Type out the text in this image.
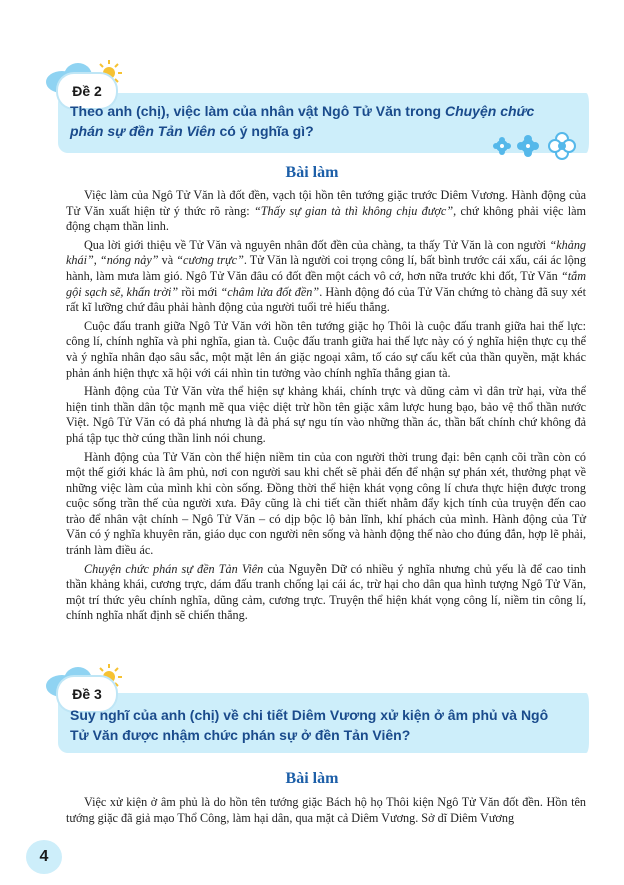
Đề 2
Theo anh (chị), việc làm của nhân vật Ngô Tử Văn trong Chuyện chức
phán sự đền Tản Viên có ý nghĩa gì?
Bài làm

Việc làm của Ngô Tử Văn là đốt đền, vạch tội hồn tên tướng giặc trước Diêm Vương. Hành động của Tử Văn xuất hiện từ ý thức rõ ràng: “Thấy sự gian tà thì không chịu được”, chứ không phải việc làm động chạm thần linh.

Qua lời giới thiệu về Tử Văn và nguyên nhân đốt đền của chàng, ta thấy Tử Văn là con người “khảng khái”, “nóng nảy” và “cương trực”. Tử Văn là người coi trọng công lí, bất bình trước cái xấu, cái ác lộng hành, làm mưa làm gió. Ngô Tử Văn đâu có đốt đền một cách vô cớ, hơn nữa trước khi đốt, Tử Văn “tắm gội sạch sẽ, khấn trời” rồi mới “châm lửa đốt đền”. Hành động đó của Tử Văn chứng tỏ chàng đã suy xét rất kĩ lưỡng chứ đâu phải hành động của người tuổi trẻ hiếu thắng.

Cuộc đấu tranh giữa Ngô Tử Văn với hồn tên tướng giặc họ Thôi là cuộc đấu tranh giữa hai thế lực: công lí, chính nghĩa và phi nghĩa, gian tà. Cuộc đấu tranh giữa hai thế lực này có ý nghĩa hiện thực cụ thể và ý nghĩa nhân đạo sâu sắc, một mặt lên án giặc ngoại xâm, tố cáo sự cấu kết của thần quyền, mặt khác phản ánh hiện thực xã hội với cái nhìn tin tưởng vào chính nghĩa thắng gian tà.

Hành động của Tử Văn vừa thể hiện sự khảng khái, chính trực và dũng cảm vì dân trừ hại, vừa thể hiện tinh thần dân tộc mạnh mẽ qua việc diệt trừ hồn tên giặc xâm lược hung bạo, bảo vệ thổ thần nước Việt. Ngô Tử Văn có đả phá nhưng là đả phá sự ngu tín vào những thần ác, thần bất chính chứ không đả phá tập tục thờ cúng thần linh nói chung.

Hành động của Tử Văn còn thể hiện niềm tin của con người thời trung đại: bên cạnh cõi trần còn có một thế giới khác là âm phủ, nơi con người sau khi chết sẽ phải đến để nhận sự phán xét, thưởng phạt về những việc làm của mình khi còn sống. Đồng thời thể hiện khát vọng công lí chưa thực hiện được trong cuộc sống trần thế của người xưa. Đây cũng là chi tiết cần thiết nhằm đẩy kịch tính của truyện đến cao trào để nhân vật chính – Ngô Tử Văn – có dịp bộc lộ bản lĩnh, khí phách của mình. Hành động của Tử Văn có ý nghĩa khuyên răn, giáo dục con người nên sống và hành động thế nào cho đúng đắn, hợp lẽ phải, tránh làm điều ác.

Chuyện chức phán sự đền Tản Viên của Nguyễn Dữ có nhiều ý nghĩa nhưng chủ yếu là để cao tinh thần khảng khái, cương trực, dám đấu tranh chống lại cái ác, trừ hại cho dân qua hình tượng Ngô Tử Văn, một trí thức yêu chính nghĩa, dũng cảm, cương trực. Truyện thể hiện khát vọng công lí, niềm tin công lí, chính nghĩa nhất định sẽ chiến thắng.

Đề 3
Suy nghĩ của anh (chị) về chi tiết Diêm Vương xử kiện ở âm phủ và Ngô
Tử Văn được nhậm chức phán sự ở đền Tản Viên?
Bài làm

Việc xử kiện ở âm phủ là do hồn tên tướng giặc Bách hộ họ Thôi kiện Ngô Tử Văn đốt đền. Hồn tên tướng giặc đã giả mạo Thổ Công, làm hại dân, qua mặt cả Diêm Vương. Sở dĩ Diêm Vương

4
